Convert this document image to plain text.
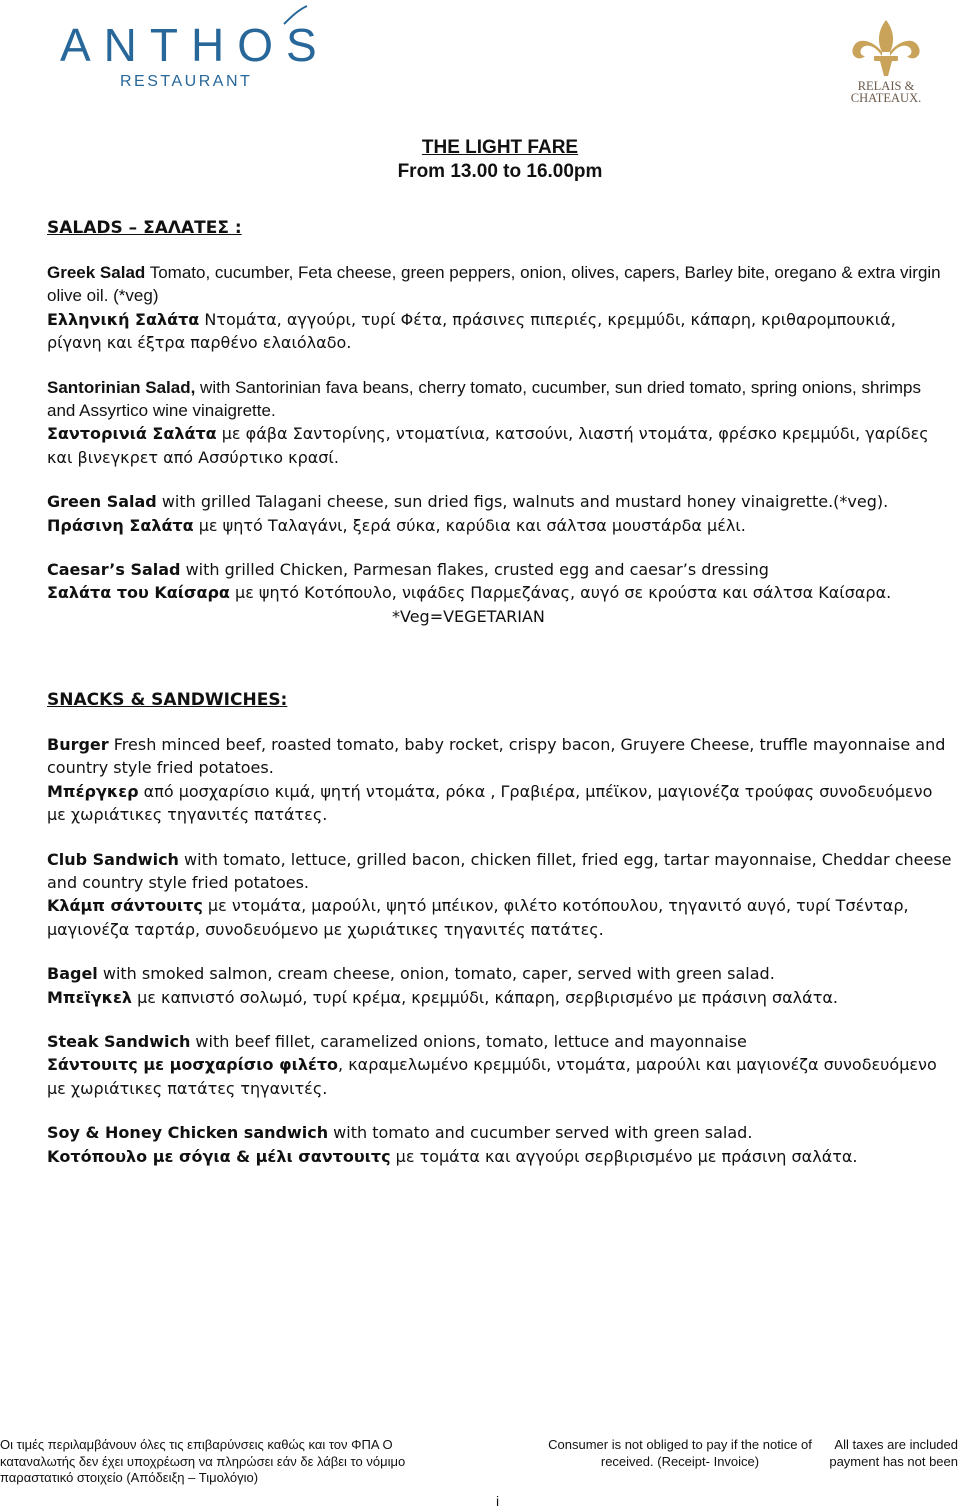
ANTHOS
RESTAURANT	RELAIS &
CHATEAUX.
THE LIGHT FARE
From 13.00 to 16.00pm
SALADS – ΣΑΛΑΤΕΣ :

Greek Salad Tomato, cucumber, Feta cheese, green peppers, onion, olives, capers, Barley bite, oregano & extra virgin olive oil. (*veg)

Ελληνική Σαλάτα Ντομάτα, αγγούρι, τυρί Φέτα, πράσινες πιπεριές, κρεμμύδι, κάπαρη, κριθαρομπουκιά, ρίγανη και έξτρα παρθένο ελαιόλαδο.

Santorinian Salad, with Santorinian fava beans, cherry tomato, cucumber, sun dried tomato, spring onions, shrimps and Assyrtico wine vinaigrette.

Σαντορινιά Σαλάτα με φάβα Σαντορίνης, ντοματίνια, κατσούνι, λιαστή ντομάτα, φρέσκο κρεμμύδι, γαρίδες και βινεγκρετ από Ασσύρτικο κρασί.

Green Salad with grilled Talagani cheese, sun dried figs, walnuts and mustard honey vinaigrette.(*veg).

Πράσινη Σαλάτα με ψητό Ταλαγάνι, ξερά σύκα, καρύδια και σάλτσα μουστάρδα μέλι.

Caesar’s Salad with grilled Chicken, Parmesan flakes, crusted egg and caesar’s dressing

Σαλάτα του Καίσαρα με ψητό Κοτόπουλο, νιφάδες Παρμεζάνας, αυγό σε κρούστα και σάλτσα Καίσαρα.

*Veg=VEGETARIAN

SNACKS & SANDWICHES:

Burger Fresh minced beef, roasted tomato, baby rocket, crispy bacon, Gruyere Cheese, truffle mayonnaise and country style fried potatoes.

Μπέργκερ από μοσχαρίσιο κιμά, ψητή ντομάτα, ρόκα , Γραβιέρα, μπέϊκον, μαγιονέζα τρούφας συνοδευόμενο με χωριάτικες τηγανιτές πατάτες.

Club Sandwich with tomato, lettuce, grilled bacon, chicken fillet, fried egg, tartar mayonnaise, Cheddar cheese and country style fried potatoes.

Κλάμπ σάντουιτς με ντομάτα, μαρούλι, ψητό μπέικον, φιλέτο κοτόπουλου, τηγανιτό αυγό, τυρί Τσένταρ, μαγιονέζα ταρτάρ, συνοδευόμενο με χωριάτικες τηγανιτές πατάτες.

Bagel with smoked salmon, cream cheese, onion, tomato, caper, served with green salad.

Μπεϊγκελ με καπνιστό σολωμό, τυρί κρέμα, κρεμμύδι, κάπαρη, σερβιρισμένο με πράσινη σαλάτα.

Steak Sandwich with beef fillet, caramelized onions, tomato, lettuce and mayonnaise

Σάντουιτς με μοσχαρίσιο φιλέτο, καραμελωμένο κρεμμύδι, ντομάτα, μαρούλι και μαγιονέζα συνοδευόμενο με χωριάτικες πατάτες τηγανιτές.

Soy & Honey Chicken sandwich with tomato and cucumber served with green salad.

Κοτόπουλο με σόγια & μέλι σαντουιτς με τομάτα και αγγούρι σερβιρισμένο με πράσινη σαλάτα.

Οι τιμές περιλαμβάνουν όλες τις επιβαρύνσεις καθώς και τον ΦΠΑ Ο καταναλωτής δεν έχει υποχρέωση να πληρώσει εάν δε λάβει το νόμιμο παραστατικό στοιχείο (Απόδειξη – Τιμολόγιο)
Consumer is not obliged to pay if the notice of received. (Receipt- Invoice)
All taxes are included payment has not been
i
